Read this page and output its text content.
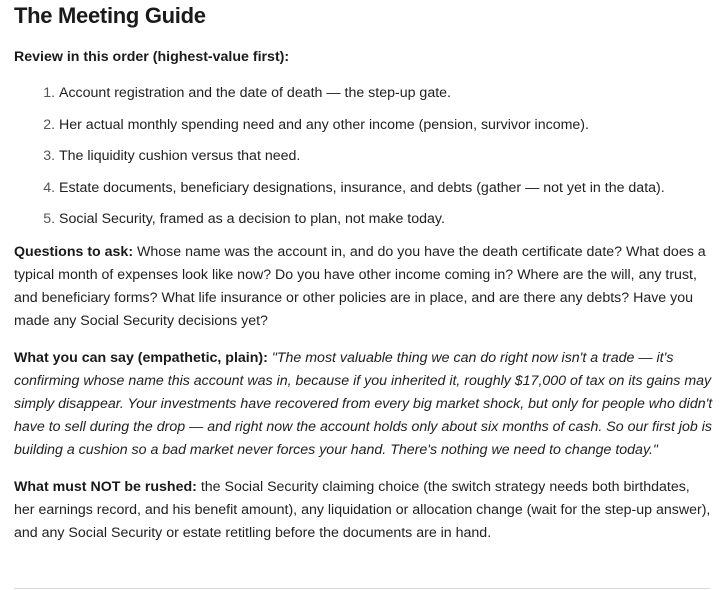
The Meeting Guide

Review in this order (highest-value first):

1. Account registration and the date of death — the step-up gate.
2. Her actual monthly spending need and any other income (pension, survivor income).
3. The liquidity cushion versus that need.
4. Estate documents, beneficiary designations, insurance, and debts (gather — not yet in the data).
5. Social Security, framed as a decision to plan, not make today.

Questions to ask: Whose name was the account in, and do you have the death certificate date? What does a typical month of expenses look like now? Do you have other income coming in? Where are the will, any trust, and beneficiary forms? What life insurance or other policies are in place, and are there any debts? Have you made any Social Security decisions yet?

What you can say (empathetic, plain): "The most valuable thing we can do right now isn't a trade — it's confirming whose name this account was in, because if you inherited it, roughly $17,000 of tax on its gains may simply disappear. Your investments have recovered from every big market shock, but only for people who didn't have to sell during the drop — and right now the account holds only about six months of cash. So our first job is building a cushion so a bad market never forces your hand. There's nothing we need to change today."

What must NOT be rushed: the Social Security claiming choice (the switch strategy needs both birthdates, her earnings record, and his benefit amount), any liquidation or allocation change (wait for the step-up answer), and any Social Security or estate retitling before the documents are in hand.
